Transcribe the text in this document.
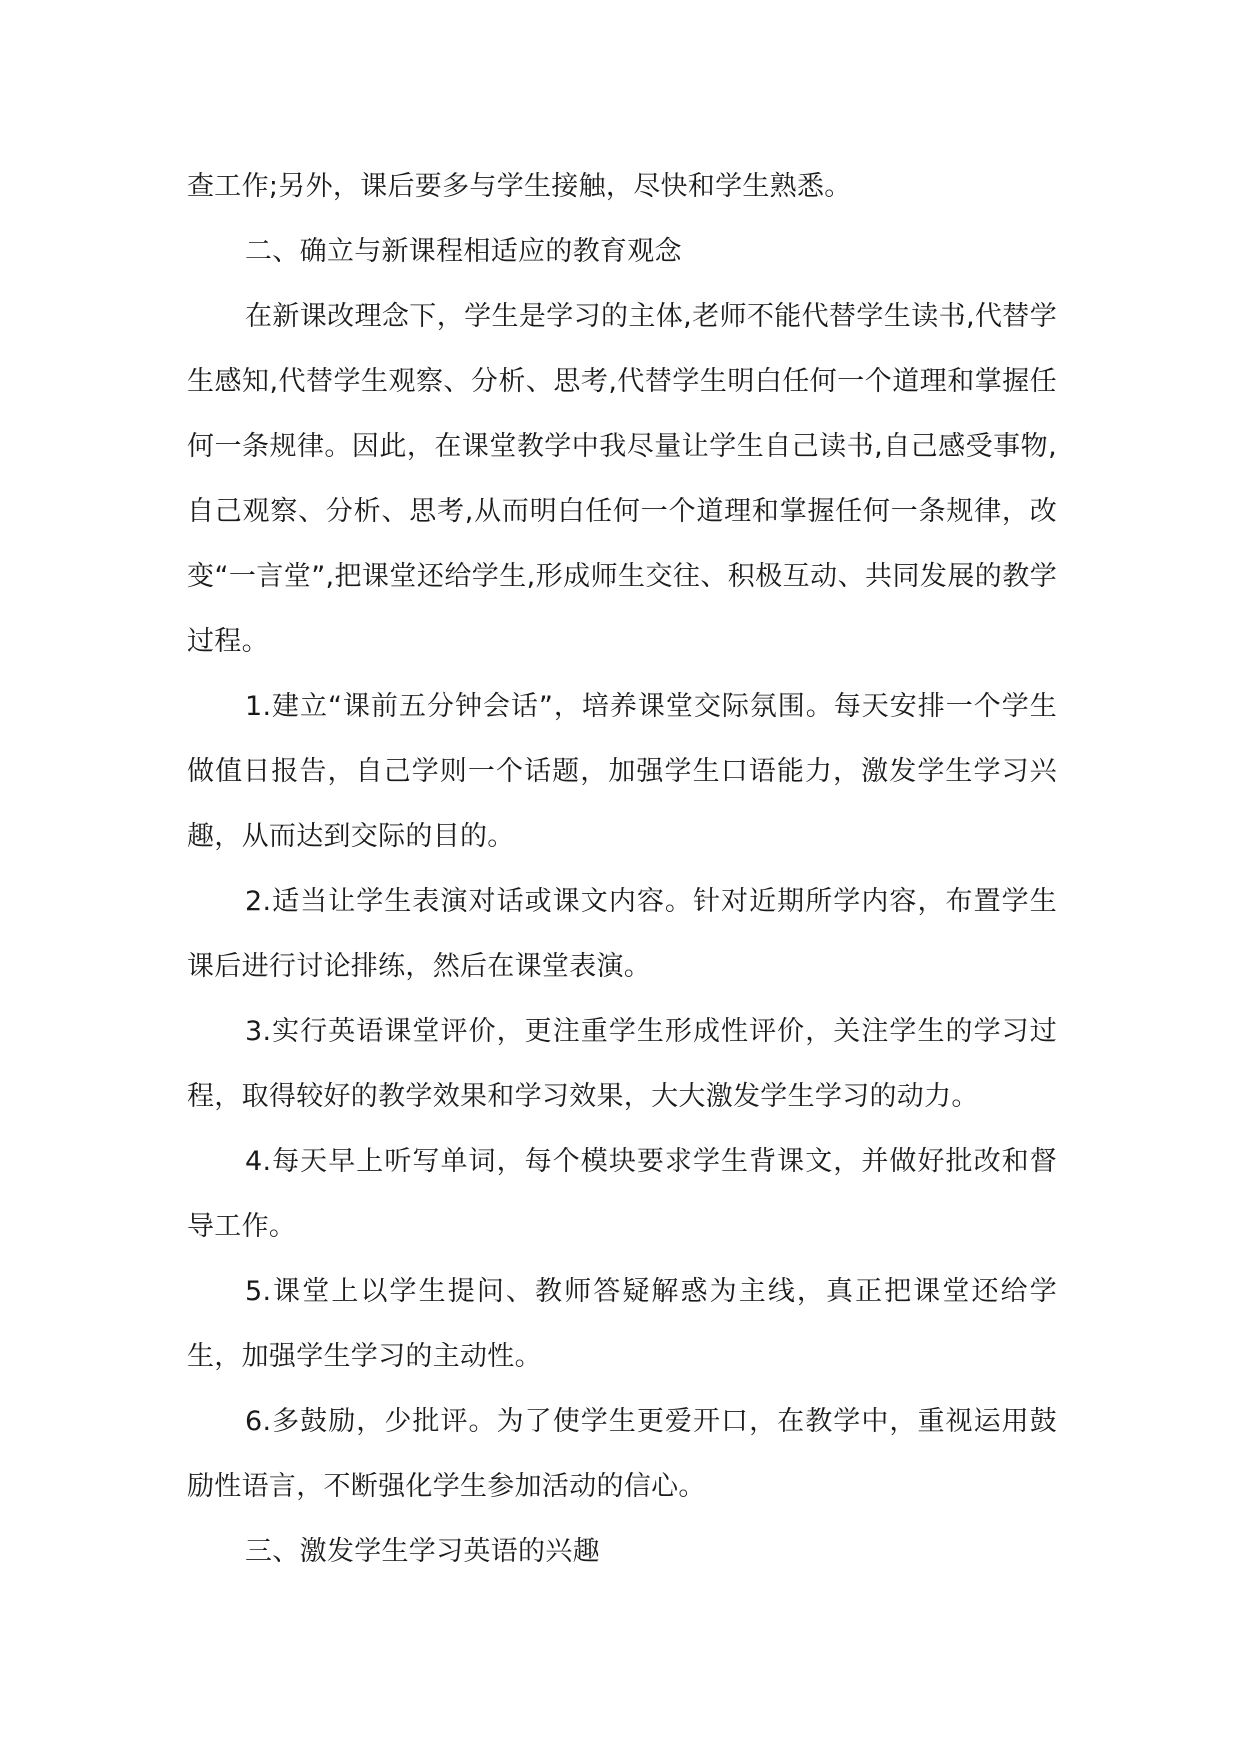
查工作;另外，课后要多与学生接触，尽快和学生熟悉。

二、确立与新课程相适应的教育观念

在新课改理念下，学生是学习的主体,老师不能代替学生读书,代替学生感知,代替学生观察、分析、思考,代替学生明白任何一个道理和掌握任何一条规律。因此，在课堂教学中我尽量让学生自己读书,自己感受事物,自己观察、分析、思考,从而明白任何一个道理和掌握任何一条规律，改变“一言堂”,把课堂还给学生,形成师生交往、积极互动、共同发展的教学过程。

1.建立“课前五分钟会话”，培养课堂交际氛围。每天安排一个学生做值日报告，自己学则一个话题，加强学生口语能力，激发学生学习兴趣，从而达到交际的目的。

2.适当让学生表演对话或课文内容。针对近期所学内容，布置学生课后进行讨论排练，然后在课堂表演。

3.实行英语课堂评价，更注重学生形成性评价，关注学生的学习过程，取得较好的教学效果和学习效果，大大激发学生学习的动力。

4.每天早上听写单词，每个模块要求学生背课文，并做好批改和督导工作。

5.课堂上以学生提问、教师答疑解惑为主线，真正把课堂还给学生，加强学生学习的主动性。

6.多鼓励，少批评。为了使学生更爱开口，在教学中，重视运用鼓励性语言，不断强化学生参加活动的信心。

三、激发学生学习英语的兴趣
